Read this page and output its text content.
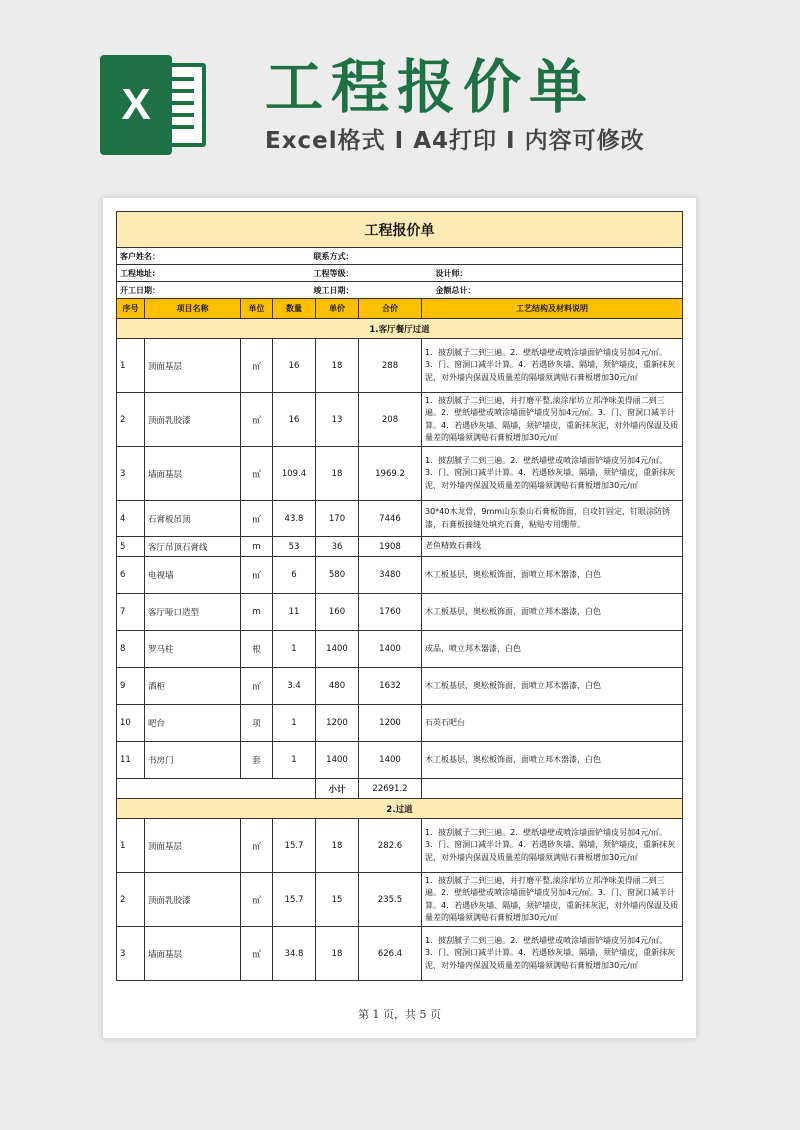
X	工程报价单
Excel格式 I A4打印 I 内容可修改
工程报价单						
客户姓名：			联系方式：			
工程地址:			工程等级：			设计师：
开工日期：			竣工日期：			金额总计：
序号	项目名称	单位	数量	单价	合价	工艺结构及材料说明
1.客厅餐厅过道						
1	顶面基层	㎡	16	18	288	1．披刮腻子二到三遍。2．壁纸墙壁或喷涂墙面铲墙皮另加4元/㎡。3．门、窗洞口减半计算。4．若遇砂灰墙、隔墙，须铲墙皮，重新抹灰泥，对外墙内保温及质量差的隔墙须满贴石膏板增加30元/㎡
2	顶面乳胶漆	㎡	16	13	208	1．披刮腻子二到三遍，并打磨平整,滚涂扉坊立邦净味美得丽二到三遍。2．壁纸墙壁或喷涂墙面铲墙皮另加4元/㎡。3．门、窗洞口减半计算。4．若遇砂灰墙、隔墙，须铲墙皮，重新抹灰泥，对外墙内保温及质量差的隔墙须满贴石膏板增加30元/㎡
3	墙面基层	㎡	109.4	18	1969.2	1．披刮腻子二到三遍。2．壁纸墙壁或喷涂墙面铲墙皮另加4元/㎡。3．门、窗洞口减半计算。4．若遇砂灰墙、隔墙，须铲墙皮，重新抹灰泥，对外墙内保温及质量差的隔墙须满贴石膏板增加30元/㎡
4	石膏板吊顶	㎡	43.8	170	7446	30*40木龙骨，9mm山东泰山石膏板饰面，自攻钉固定，钉眼涂防锈漆，石膏板接缝处填充石膏，粘贴专用绷带。
5	客厅吊顶石膏线	m	53	36	1908	老鱼精致石膏线
6	电视墙	㎡	6	580	3480	木工板基层，奥松板饰面，面喷立邦木器漆，白色
7	客厅哑口造型	m	11	160	1760	木工板基层，奥松板饰面，面喷立邦木器漆，白色
8	罗马柱	根	1	1400	1400	成品，喷立邦木器漆，白色
9	酒柜	㎡	3.4	480	1632	木工板基层，奥松板饰面，面喷立邦木器漆，白色
10	吧台	项	1	1200	1200	石英石吧台
11	书房门	套	1	1400	1400	木工板基层，奥松板饰面，面喷立邦木器漆，白色
				小计	22691.2	
2.过道						
1	顶面基层	㎡	15.7	18	282.6	1．披刮腻子二到三遍。2．壁纸墙壁或喷涂墙面铲墙皮另加4元/㎡。3．门、窗洞口减半计算。4．若遇砂灰墙、隔墙，须铲墙皮，重新抹灰泥，对外墙内保温及质量差的隔墙须满贴石膏板增加30元/㎡
2	顶面乳胶漆	㎡	15.7	15	235.5	1．披刮腻子二到三遍，并打磨平整,滚涂扉坊立邦净味美得丽二到三遍。2．壁纸墙壁或喷涂墙面铲墙皮另加4元/㎡。3．门、窗洞口减半计算。4．若遇砂灰墙、隔墙，须铲墙皮，重新抹灰泥，对外墙内保温及质量差的隔墙须满贴石膏板增加30元/㎡
3	墙面基层	㎡	34.8	18	626.4	1．披刮腻子二到三遍。2．壁纸墙壁或喷涂墙面铲墙皮另加4元/㎡。3．门、窗洞口减半计算。4．若遇砂灰墙、隔墙，须铲墙皮，重新抹灰泥，对外墙内保温及质量差的隔墙须满贴石膏板增加30元/㎡
第 1 页，共 5 页
